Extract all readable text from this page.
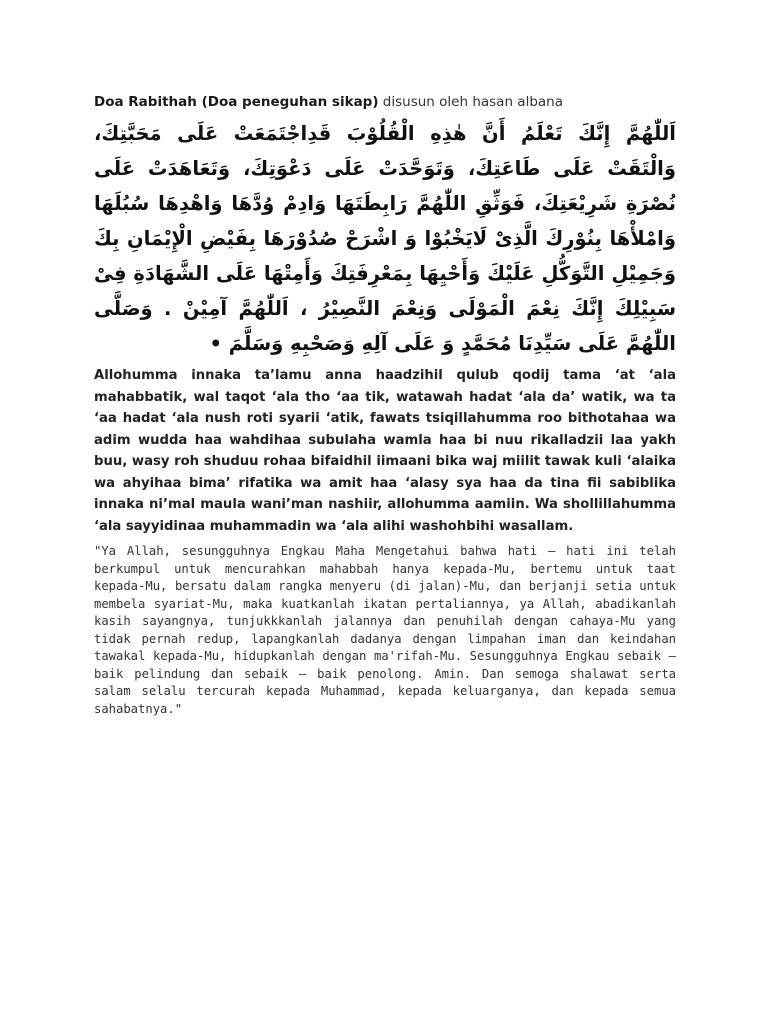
Doa Rabithah (Doa peneguhan sikap) disusun oleh hasan albana

اَللّٰهُمَّ إِنَّكَ تَعْلَمُ أَنَّ هٰذِهِ الْقُلُوْبَ قَدِاجْتَمَعَتْ عَلَى مَحَبَّتِكَ، وَالْتَقَتْ عَلَى طَاعَتِكَ، وَتَوَحَّدَتْ عَلَى دَعْوَتِكَ، وَتَعَاهَدَتْ عَلَى نُصْرَةِ شَرِيْعَتِكَ، فَوَثِّقِ اللّٰهُمَّ رَابِطَتَهَا وَادِمْ وُدَّهَا وَاهْدِهَا سُبُلَهَا وَامْلأْهَا بِنُوْرِكَ الَّذِىْ لَايَخْبُوْا وَ اشْرَحْ صُدُوْرَهَا بِفَيْضِ الْإِيْمَانِ بِكَ وَجَمِيْلِ التَّوَكُّلِ عَلَيْكَ وَأَحْيِهَا بِمَعْرِفَتِكَ وَأَمِتْهَا عَلَى الشَّهَادَةِ فِىْ سَبِيْلِكَ إِنَّكَ نِعْمَ الْمَوْلَى وَنِعْمَ النَّصِيْرُ ، اَللّٰهُمَّ آمِيْنْ . وَصَلَّى اللّٰهُمَّ عَلَى سَيِّدِنَا مُحَمَّدٍ وَ عَلَى آلِهِ وَصَحْبِهِ وَسَلَّمَ •

Allohumma innaka ta’lamu anna haadzihil qulub qodij tama ‘at ‘ala mahabbatik, wal taqot ‘ala tho ‘aa tik, watawah hadat ‘ala da’ watik, wa ta ‘aa hadat ‘ala nush roti syarii ‘atik, fawats tsiqillahumma roo bithotahaa wa adim wudda haa wahdihaa subulaha wamla haa bi nuu rikalladzii laa yakh buu, wasy roh shuduu rohaa bifaidhil iimaani bika waj miilit tawak kuli ‘alaika wa ahyihaa bima’ rifatika wa amit haa ‘alasy sya haa da tina fii sabiblika innaka ni’mal maula wani’man nashiir, allohumma aamiin. Wa shollillahumma ‘ala sayyidinaa muhammadin wa ‘ala alihi washohbihi wasallam.

"Ya Allah, sesungguhnya Engkau Maha Mengetahui bahwa hati – hati ini telah berkumpul untuk mencurahkan mahabbah hanya kepada-Mu, bertemu untuk taat kepada-Mu, bersatu dalam rangka menyeru (di jalan)-Mu, dan berjanji setia untuk membela syariat-Mu, maka kuatkanlah ikatan pertaliannya, ya Allah, abadikanlah kasih sayangnya, tunjukkkanlah jalannya dan penuhilah dengan cahaya-Mu yang tidak pernah redup, lapangkanlah dadanya dengan limpahan iman dan keindahan tawakal kepada-Mu, hidupkanlah dengan ma'rifah-Mu. Sesungguhnya Engkau sebaik – baik pelindung dan sebaik – baik penolong. Amin. Dan semoga shalawat serta salam selalu tercurah kepada Muhammad, kepada keluarganya, dan kepada semua sahabatnya."
